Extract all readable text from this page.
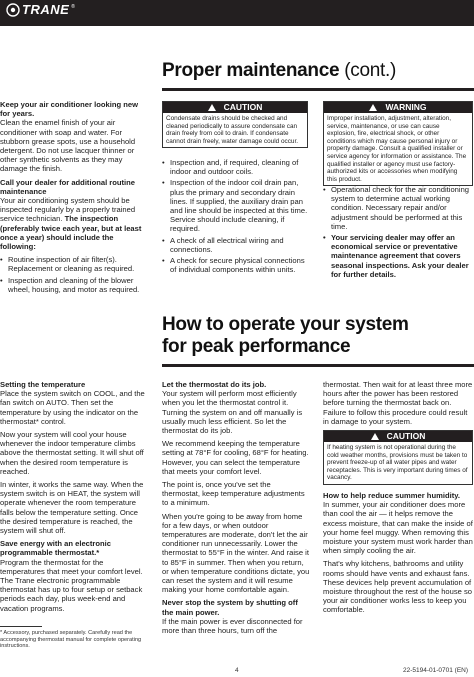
TRANE ®
Proper maintenance (cont.)

Keep your air conditioner looking new for years.

Clean the enamel finish of your air conditioner with soap and water. For stubborn grease spots, use a household detergent. Do not use lacquer thinner or other synthetic solvents as they may damage the finish.

Call your dealer for additional routine maintenance

Your air conditioning system should be inspected regularly by a properly trained service technician. The inspection (preferably twice each year, but at least once a year) should include the following:

• Routine inspection of air filter(s). Replacement or cleaning as required.
• Inspection and cleaning of the blower wheel, housing, and motor as required.
CAUTION
Condensate drains should be checked and cleaned periodically to assure condensate can drain freely from coil to drain. If condensate cannot drain freely, water damage could occur.
• Inspection and, if required, cleaning of indoor and outdoor coils.
• Inspection of the indoor coil drain pan, plus the primary and secondary drain lines. If supplied, the auxiliary drain pan and line should be inspected at this time. Service should include cleaning, if required.
• A check of all electrical wiring and connections.
• A check for secure physical connections of individual components within units.
WARNING
Improper installation, adjustment, alteration, service, maintenance, or use can cause explosion, fire, electrical shock, or other conditions which may cause personal injury or property damage. Consult a qualified installer or service agency for information or assistance. The qualified installer or agency must use factory-authorized kits or accessories when modifying this product.
• Operational check for the air conditioning system to determine actual working condition. Necessary repair and/or adjustment should be performed at this time.
• Your servicing dealer may offer an economical service or preventative maintenance agreement that covers seasonal inspections. Ask your dealer for further details.
How to operate your system
for peak performance

Setting the temperature

Place the system switch on COOL, and the fan switch on AUTO. Then set the temperature by using the indicator on the thermostat* control.

Now your system will cool your house whenever the indoor temperature climbs above the thermostat setting. It will shut off when the desired room temperature is reached.

In winter, it works the same way. When the system switch is on HEAT, the system will operate whenever the room temperature falls below the temperature setting. Once the desired temperature is reached, the system will shut off.

Save energy with an electronic programmable thermostat.*

Program the thermostat for the temperatures that meet your comfort level. The Trane electronic programmable thermostat has up to four setup or setback periods each day, plus week-end and vacation programs.

* Accessory, purchased separately. Carefully read the accompanying thermostat manual for complete operating instructions.

Let the thermostat do its job.

Your system will perform most efficiently when you let the thermostat control it. Turning the system on and off manually is usually much less efficient. So let the thermostat do its job.

We recommend keeping the temperature setting at 78°F for cooling, 68°F for heating. However, you can select the temperature that meets your comfort level.

The point is, once you've set the thermostat, keep temperature adjustments to a minimum.

When you're going to be away from home for a few days, or when outdoor temperatures are moderate, don't let the air conditioner run unnecessarily. Lower the thermostat to 55°F in the winter. And raise it to 85°F in summer. Then when you return, or when temperature conditions dictate, you can reset the system and it will resume making your home comfortable again.

Never stop the system by shutting off the main power.

If the main power is ever disconnected for more than three hours, turn off the

thermostat. Then wait for at least three more hours after the power has been restored before turning the thermostat back on. Failure to follow this procedure could result in damage to your system.

CAUTION
If heating system is not operational during the cold weather months, provisions must be taken to prevent freeze-up of all water pipes and water receptacles. This is very important during times of vacancy.

How to help reduce summer humidity.

In summer, your air conditioner does more than cool the air — it helps remove the excess moisture, that can make the inside of your home feel muggy. When removing this moisture your system must work harder than when simply cooling the air.

That's why kitchens, bathrooms and utility rooms should have vents and exhaust fans. These devices help prevent accumulation of moisture throughout the rest of the house so your air conditioner works less to keep you comfortable.

4	22-5194-01-0701 (EN)
